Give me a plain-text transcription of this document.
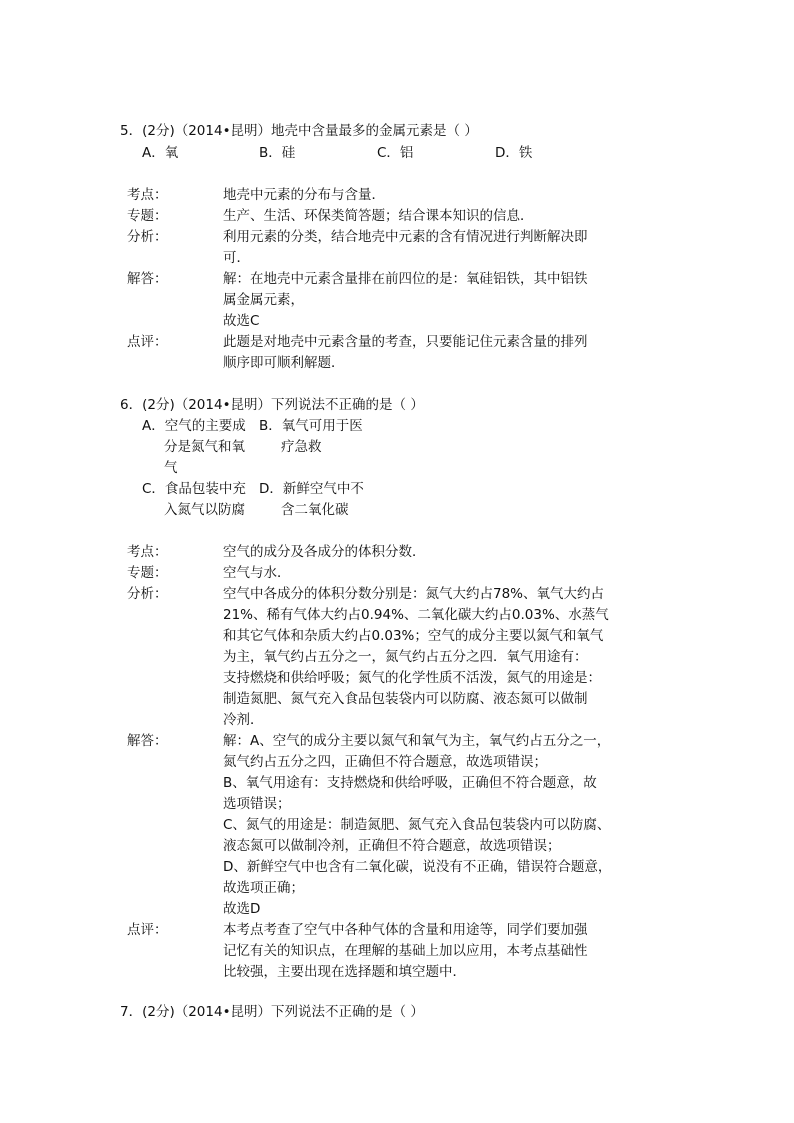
5．(2分)（2014•昆明）地壳中含量最多的金属元素是（ ）
A．氧	B．硅	C．铝	D．铁
考点：	地壳中元素的分布与含量．
专题：	生产、生活、环保类简答题；结合课本知识的信息．
分析：	利用元素的分类，结合地壳中元素的含有情况进行判断解决即
可．
解答：	解：在地壳中元素含量排在前四位的是：氧硅铝铁，其中铝铁
属金属元素，
故选C
点评：	此题是对地壳中元素含量的考查，只要能记住元素含量的排列
顺序即可顺利解题．
6．(2分)（2014•昆明）下列说法不正确的是（ ）
A．空气的主要成
分是氮气和氧
气
B．氧气可用于医
疗急救
C．食品包装中充
入氮气以防腐
D．新鲜空气中不
含二氧化碳
考点：	空气的成分及各成分的体积分数．
专题：	空气与水．
分析：	空气中各成分的体积分数分别是：氮气大约占78%、氧气大约占
21%、稀有气体大约占0.94%、二氧化碳大约占0.03%、水蒸气
和其它气体和杂质大约占0.03%；空气的成分主要以氮气和氧气
为主，氧气约占五分之一，氮气约占五分之四．氧气用途有：
支持燃烧和供给呼吸；氮气的化学性质不活泼，氮气的用途是：
制造氮肥、氮气充入食品包装袋内可以防腐、液态氮可以做制
冷剂．
解答：	解：A、空气的成分主要以氮气和氧气为主，氧气约占五分之一，
氮气约占五分之四，正确但不符合题意，故选项错误；
B、氧气用途有：支持燃烧和供给呼吸，正确但不符合题意，故
选项错误；
C、氮气的用途是：制造氮肥、氮气充入食品包装袋内可以防腐、
液态氮可以做制冷剂，正确但不符合题意，故选项错误；
D、新鲜空气中也含有二氧化碳，说没有不正确，错误符合题意，
故选项正确；
故选D
点评：	本考点考查了空气中各种气体的含量和用途等，同学们要加强
记忆有关的知识点，在理解的基础上加以应用，本考点基础性
比较强，主要出现在选择题和填空题中．
7．(2分)（2014•昆明）下列说法不正确的是（ ）
